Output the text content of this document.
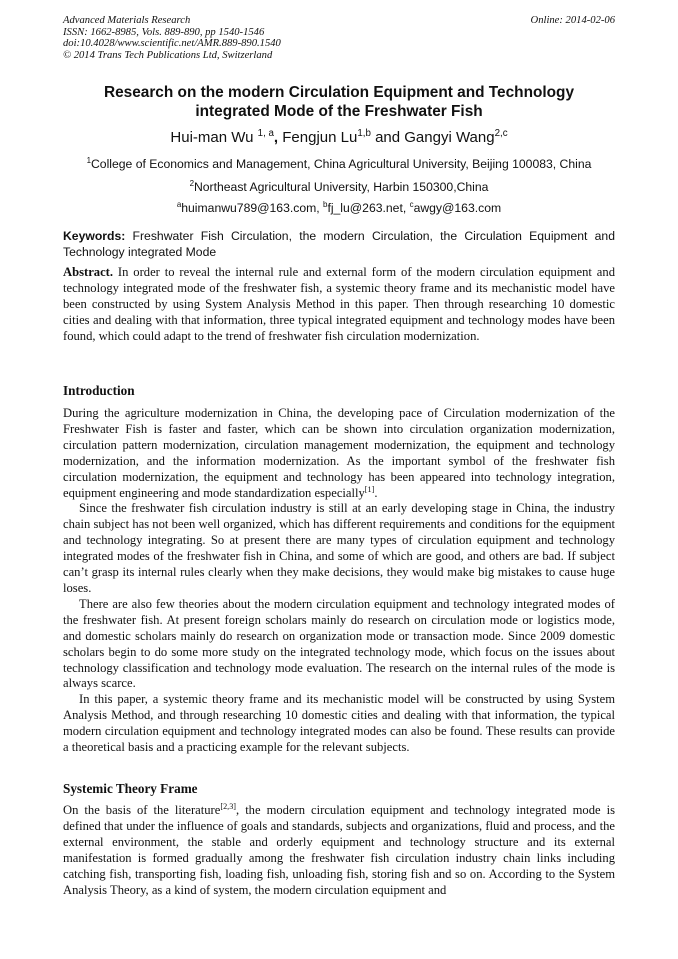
Advanced Materials Research
ISSN: 1662-8985, Vols. 889-890, pp 1540-1546
doi:10.4028/www.scientific.net/AMR.889-890.1540
© 2014 Trans Tech Publications Ltd, Switzerland
Online: 2014-02-06
Research on the modern Circulation Equipment and Technology
integrated Mode of the Freshwater Fish
Hui-man Wu $^{1, a}$, Fengjun Lu$^{1,b}$ and Gangyi Wang$^{2,c}$
$^1$College of Economics and Management, China Agricultural University, Beijing 100083, China
$^2$Northeast Agricultural University, Harbin 150300,China
$^a$huimanwu789@163.com, $^b$fj_lu@263.net, $^c$awgy@163.com
Keywords: Freshwater Fish Circulation, the modern Circulation, the Circulation Equipment and Technology integrated Mode
Abstract. In order to reveal the internal rule and external form of the modern circulation equipment and technology integrated mode of the freshwater fish, a systemic theory frame and its mechanistic model have been constructed by using System Analysis Method in this paper. Then through researching 10 domestic cities and dealing with that information, three typical integrated equipment and technology modes have been found, which could adapt to the trend of freshwater fish circulation modernization.
Introduction

During the agriculture modernization in China, the developing pace of Circulation modernization of the Freshwater Fish is faster and faster, which can be shown into circulation organization modernization, circulation pattern modernization, circulation management modernization, the equipment and technology modernization, and the information modernization. As the important symbol of the freshwater fish circulation modernization, the equipment and technology has been appeared into technology integration, equipment engineering and mode standardization especially[1].

Since the freshwater fish circulation industry is still at an early developing stage in China, the industry chain subject has not been well organized, which has different requirements and conditions for the equipment and technology integrating. So at present there are many types of circulation equipment and technology integrated modes of the freshwater fish in China, and some of which are good, and others are bad. If subject can’t grasp its internal rules clearly when they make decisions, they would make big mistakes to cause huge loses.

There are also few theories about the modern circulation equipment and technology integrated modes of the freshwater fish. At present foreign scholars mainly do research on circulation mode or logistics mode, and domestic scholars mainly do research on organization mode or transaction mode. Since 2009 domestic scholars begin to do some more study on the integrated technology mode, which focus on the issues about technology classification and technology mode evaluation. The research on the internal rules of the mode is always scarce.

In this paper, a systemic theory frame and its mechanistic model will be constructed by using System Analysis Method, and through researching 10 domestic cities and dealing with that information, the typical modern circulation equipment and technology integrated modes can also be found. These results can provide a theoretical basis and a practicing example for the relevant subjects.

Systemic Theory Frame

On the basis of the literature[2,3], the modern circulation equipment and technology integrated mode is defined that under the influence of goals and standards, subjects and organizations, fluid and process, and the external environment, the stable and orderly equipment and technology structure and its external manifestation is formed gradually among the freshwater fish circulation industry chain links including catching fish, transporting fish, loading fish, unloading fish, storing fish and so on. According to the System Analysis Theory, as a kind of system, the modern circulation equipment and
